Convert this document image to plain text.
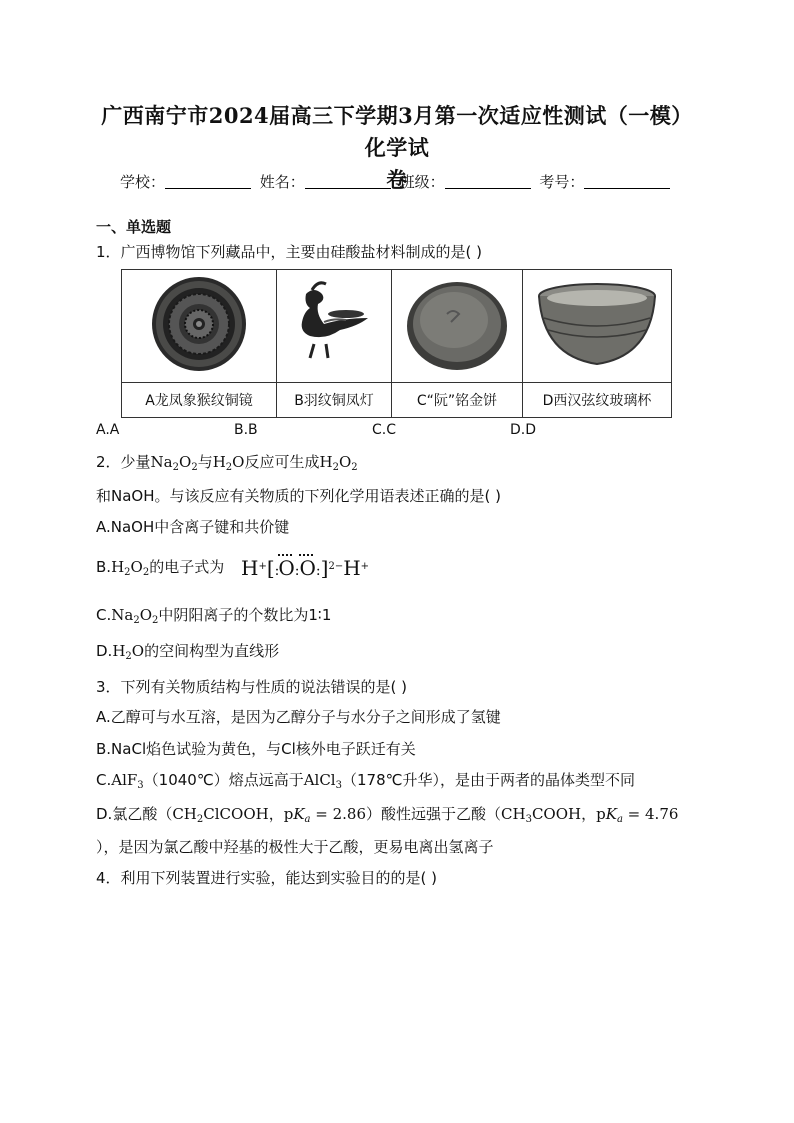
广西南宁市2024届高三下学期3月第一次适应性测试（一模）化学试
卷
学校：	姓名：	班级：	考号：
一、单选题
1．广西博物馆下列藏品中，主要由硅酸盐材料制成的是( )

A龙凤象猴纹铜镜	B羽纹铜凤灯	C“阮”铭金饼	D西汉弦纹玻璃杯
A.A	B.B	C.C	D.D
2．少量$Na_2O_2$与$H_2O$反应可生成$H_2O_2$
和NaOH。与该反应有关物质的下列化学用语表述正确的是( )
A.NaOH中含离子键和共价键
$B.H_2O_2$的电子式为 H+[:O:O:]$^{2-}$H+
$C.Na_2O_2$中阴阳离子的个数比为1∶1
$D.H_2O$的空间构型为直线形
3．下列有关物质结构与性质的说法错误的是( )
A.乙醇可与水互溶，是因为乙醇分子与水分子之间形成了氢键
B.NaCl焰色试验为黄色，与Cl核外电子跃迁有关
C.AlF$_3$（1040℃）熔点远高于AlCl$_3$（178℃升华），是由于两者的晶体类型不同
D.氯乙酸（$CH_2ClCOOH$，$pK_a = 2.86$）酸性远强于乙酸（$CH_3COOH$，$pK_a = 4.76$
），是因为氯乙酸中羟基的极性大于乙酸，更易电离出氢离子
4．利用下列装置进行实验，能达到实验目的的是( )
